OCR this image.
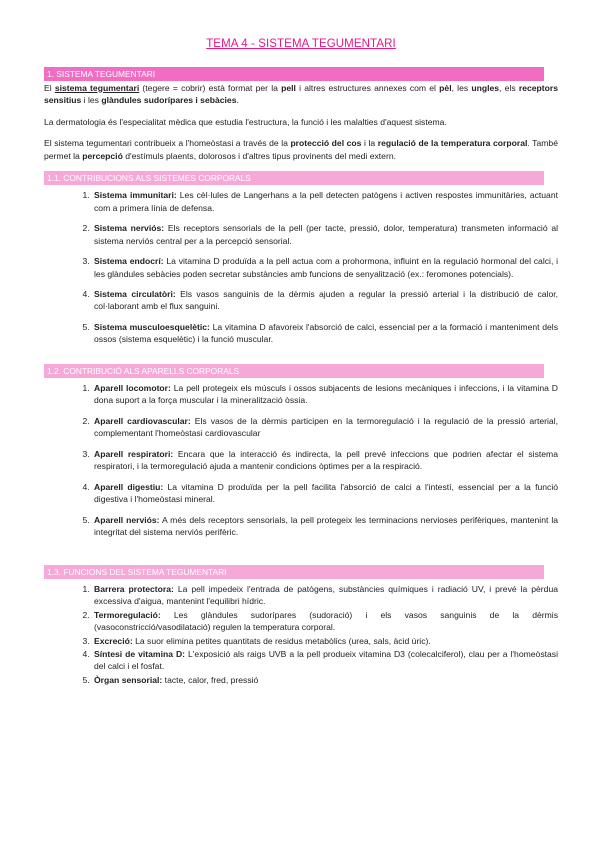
TEMA 4 - SISTEMA TEGUMENTARI
1. SISTEMA TEGUMENTARI

El sistema tegumentari (tegere = cobrir) està format per la pell i altres estructures annexes com el pèl, les ungles, els receptors sensitius i les glàndules sudorípares i sebàcies.

La dermatologia és l'especialitat mèdica que estudia l'estructura, la funció i les malalties d'aquest sistema.

El sistema tegumentari contribueix a l'homeòstasi a través de la protecció del cos i la regulació de la temperatura corporal. També permet la percepció d'estímuls plaents, dolorosos i d'altres tipus provinents del medi extern.

1.1. CONTRIBUCIONS ALS SISTEMES CORPORALS
1. Sistema immunitari: Les cèl·lules de Langerhans a la pell detecten patògens i activen respostes immunitàries, actuant com a primera línia de defensa.
2. Sistema nerviós: Els receptors sensorials de la pell (per tacte, pressió, dolor, temperatura) transmeten informació al sistema nerviós central per a la percepció sensorial.
3. Sistema endocrí: La vitamina D produïda a la pell actua com a prohormona, influint en la regulació hormonal del calci, i les glàndules sebàcies poden secretar substàncies amb funcions de senyalització (ex.: feromones potencials).
4. Sistema circulatòri: Els vasos sanguinis de la dèrmis ajuden a regular la pressió arterial i la distribució de calor, col·laborant amb el flux sanguini.
5. Sistema musculoesquelètic: La vitamina D afavoreix l'absorció de calci, essencial per a la formació i manteniment dels ossos (sistema esquelètic) i la funció muscular.
1.2. CONTRIBUCIÓ ALS APARELLS CORPORALS
1. Aparell locomotor: La pell protegeix els músculs i ossos subjacents de lesions mecàniques i infeccions, i la vitamina D dona suport a la força muscular i la mineralització òssia.
2. Aparell cardiovascular: Els vasos de la dèrmis participen en la termoregulació i la regulació de la pressió arterial, complementant l'homeòstasi cardiovascular
3. Aparell respiratori: Encara que la interacció és indirecta, la pell prevé infeccions que podrien afectar el sistema respiratori, i la termoregulació ajuda a mantenir condicions òptimes per a la respiració.
4. Aparell digestiu: La vitamina D produïda per la pell facilita l'absorció de calci a l'intestí, essencial per a la funció digestiva i l'homeòstasi mineral.
5. Aparell nerviós: A més dels receptors sensorials, la pell protegeix les terminacions nervioses perifèriques, mantenint la integritat del sistema nerviós perifèric.
1.3. FUNCIONS DEL SISTEMA TEGUMENTARI
1. Barrera protectora: La pell impedeix l'entrada de patògens, substàncies químiques i radiació UV, i prevé la pèrdua excessiva d'aigua, mantenint l'equilibri hídric.
2. Termoregulació: Les glàndules sudorípares (sudoració) i els vasos sanguinis de la dèrmis (vasoconstricció/vasodilatació) regulen la temperatura corporal.
3. Excreció: La suor elimina petites quantitats de residus metabòlics (urea, sals, àcid úric).
4. Síntesi de vitamina D: L'exposició als raigs UVB a la pell produeix vitamina D3 (colecalciferol), clau per a l'homeòstasi del calci i el fosfat.
5. Òrgan sensorial: tacte, calor, fred, pressió
